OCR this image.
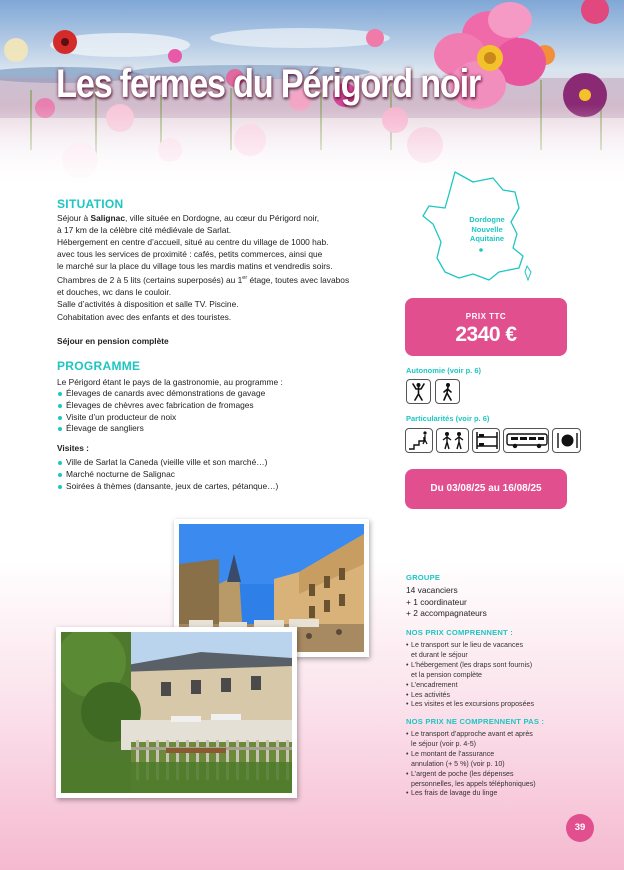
Les fermes du Périgord noir
SITUATION

Séjour à Salignac, ville située en Dordogne, au cœur du Périgord noir,

à 17 km de la célèbre cité médiévale de Sarlat.

Hébergement en centre d’accueil, situé au centre du village de 1000 hab.

avec tous les services de proximité : cafés, petits commerces, ainsi que

le marché sur la place du village tous les mardis matins et vendredis soirs.

Chambres de 2 à 5 lits (certains superposés) au 1er étage, toutes avec lavabos

et douches, wc dans le couloir.

Salle d’activités à disposition et salle TV. Piscine.

Cohabitation avec des enfants et des touristes.

Séjour en pension complète

PROGRAMME

Le Périgord étant le pays de la gastronomie, au programme :

Élevages de canards avec démonstrations de gavage
Élevages de chèvres avec fabrication de fromages
Visite d’un producteur de noix
Élevage de sangliers

Visites :

Ville de Sarlat la Caneda (vieille ville et son marché…)
Marché nocturne de Salignac
Soirées à thèmes (dansante, jeux de cartes, pétanque…)
Dordogne
Nouvelle
Aquitaine
PRIX TTC
2340 €
Autonomie (voir p. 6)
Particularités (voir p. 6)
Du 03/08/25 au 16/08/25
GROUPE

14 vacanciers

+ 1 coordinateur

+ 2 accompagnateurs

NOS PRIX COMPRENNENT :
• Le transport sur le lieu de vacances
et durant le séjour
• L’hébergement (les draps sont fournis)
et la pension complète
• L’encadrement
• Les activités
• Les visites et les excursions proposées
NOS PRIX NE COMPRENNENT PAS :
• Le transport d’approche avant et après
le séjour (voir p. 4-5)
• Le montant de l’assurance
annulation (+ 5 %) (voir p. 10)
• L’argent de poche (les dépenses
personnelles, les appels téléphoniques)
• Les frais de lavage du linge
39
